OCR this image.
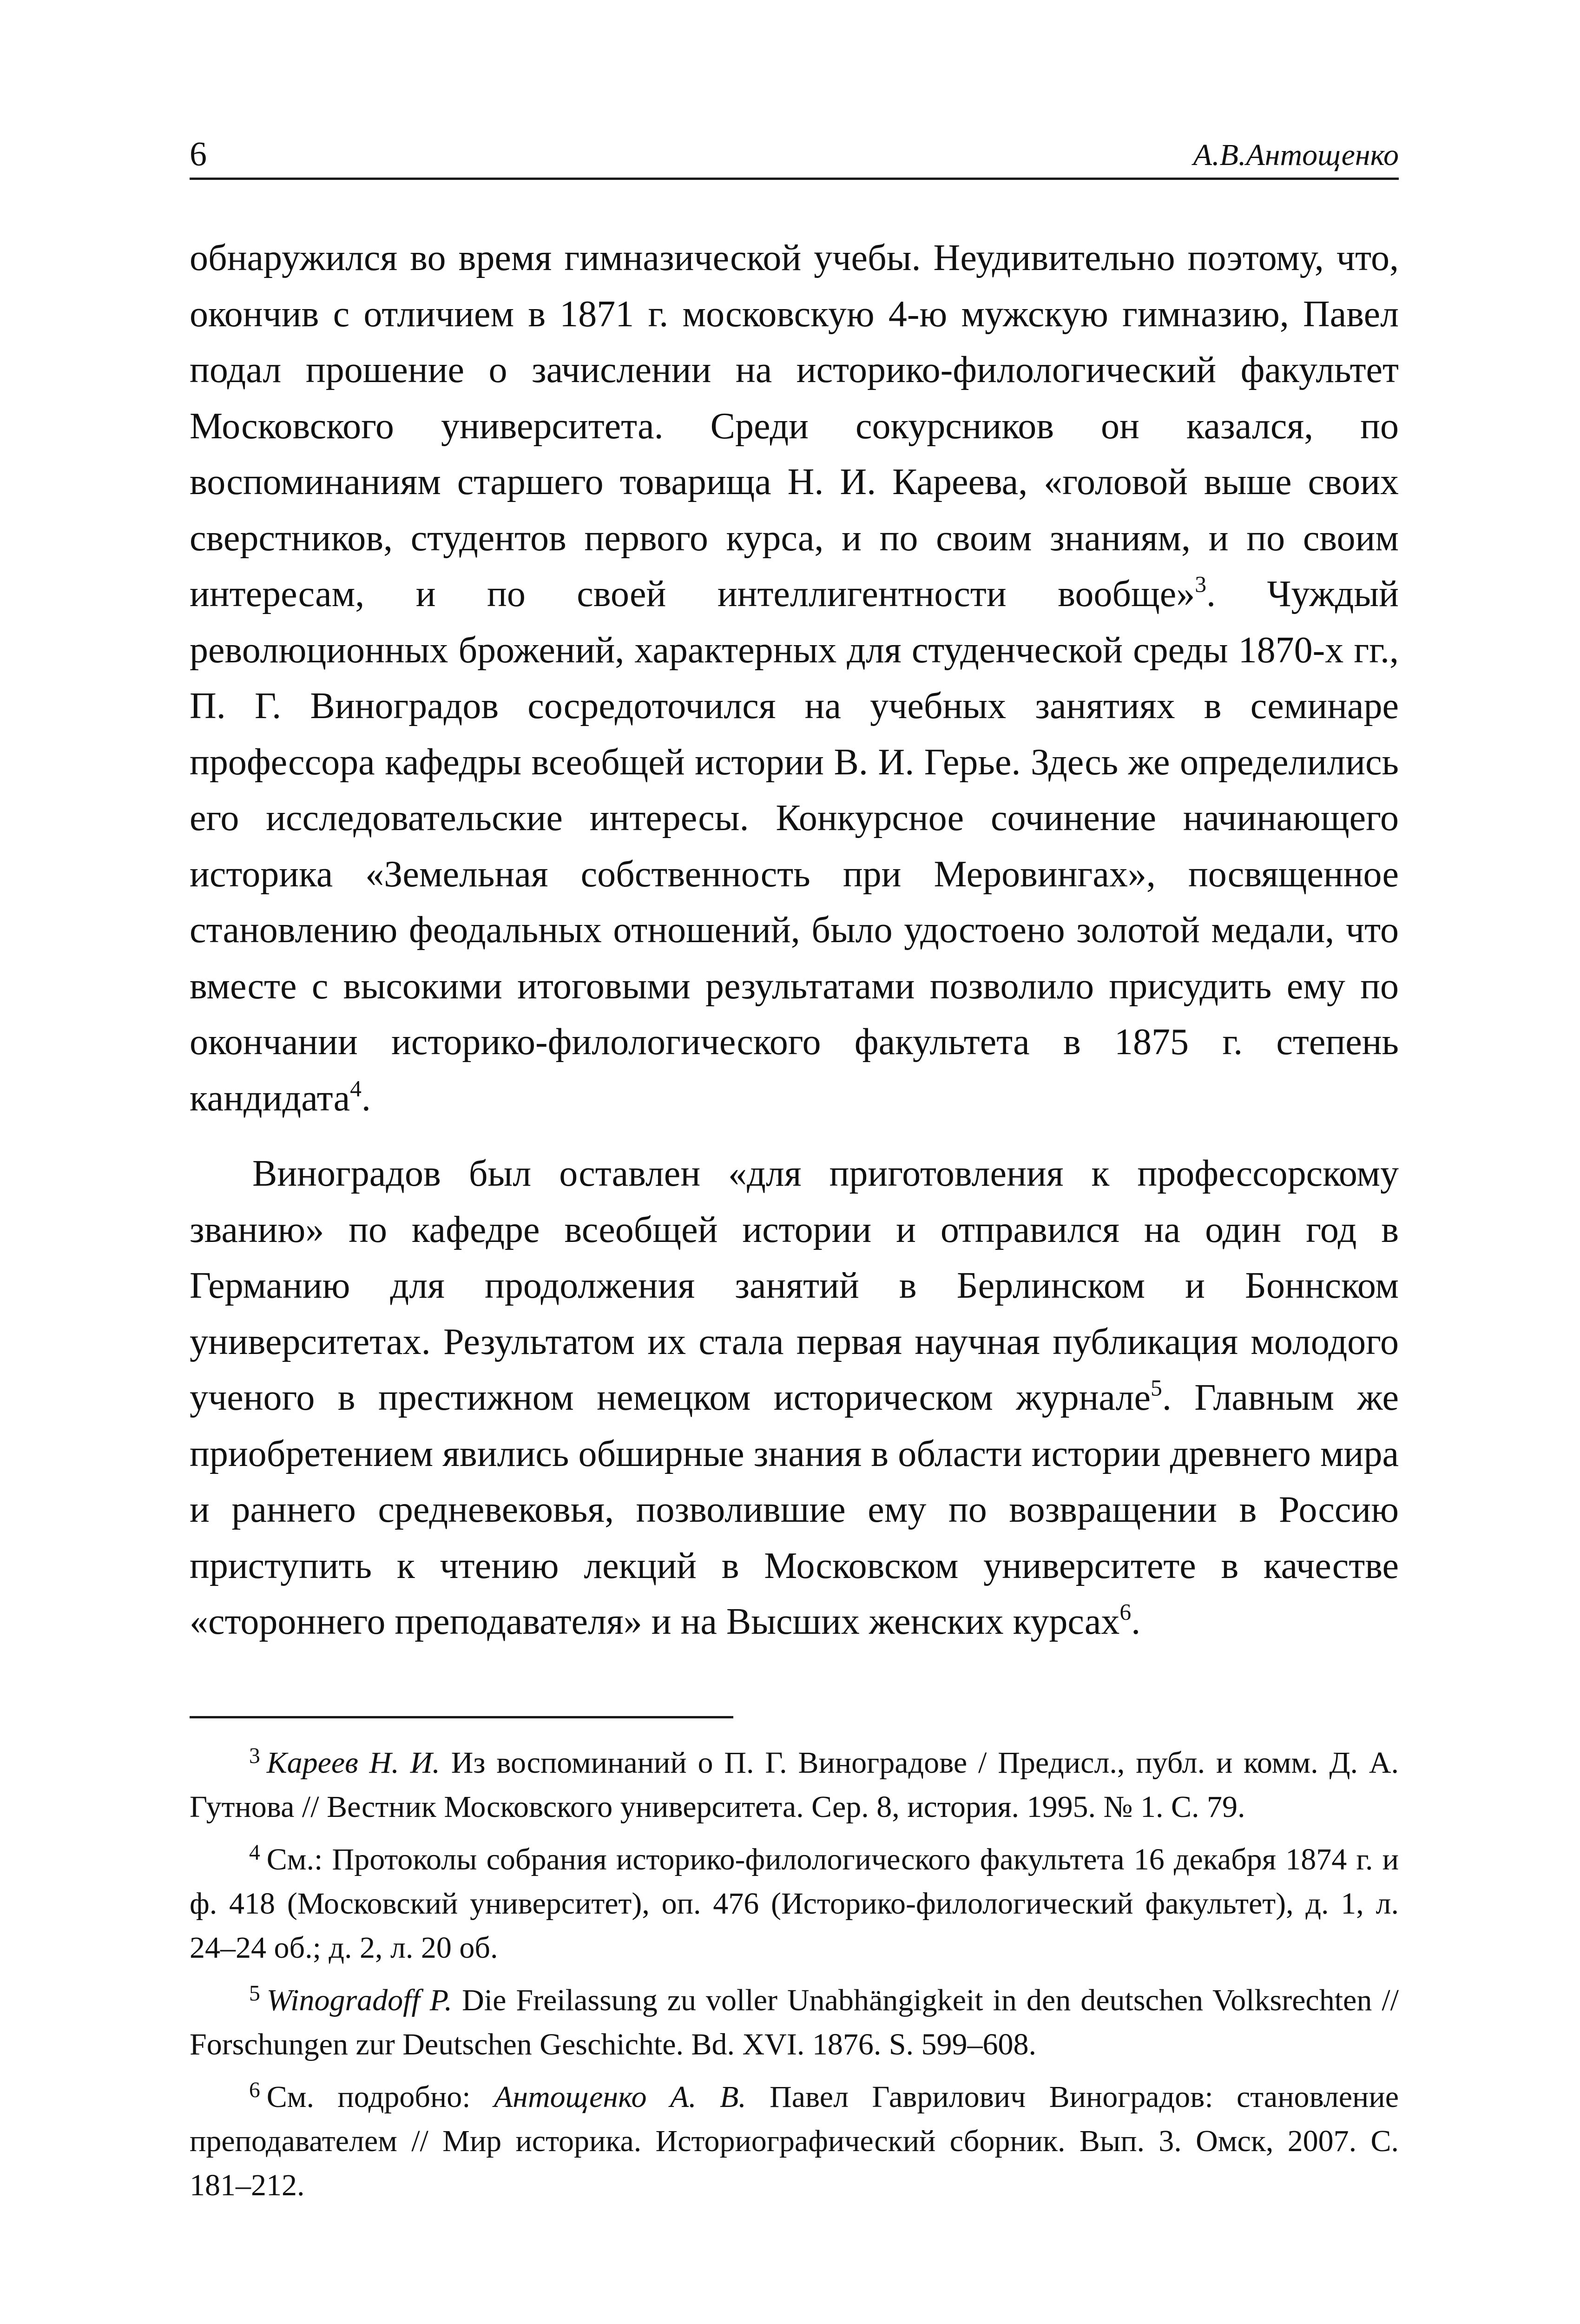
6	А.В.Антощенко

обнаружился во время гимназической учебы. Неудивительно поэтому, что, окончив с отличием в 1871 г. московскую 4-ю мужскую гимназию, Павел подал прошение о зачислении на историко-филологический факультет Московского университета. Среди сокурсников он казался, по воспоминаниям старшего товарища Н. И. Кареева, «головой выше своих сверстников, студентов первого курса, и по своим знаниям, и по своим интересам, и по своей интеллигентности вообще»$^3$. Чуждый революционных брожений, характерных для студенческой среды 1870-х гг., П. Г. Виноградов сосредоточился на учебных занятиях в семинаре профессора кафедры всеобщей истории В. И. Герье. Здесь же определились его исследовательские интересы. Конкурсное сочинение начинающего историка «Земельная собственность при Меровингах», посвященное становлению феодальных отношений, было удостоено золотой медали, что вместе с высокими итоговыми результатами позволило присудить ему по окончании историко-филологического факультета в 1875 г. степень кандидата$^4$.

Виноградов был оставлен «для приготовления к профессорскому званию» по кафедре всеобщей истории и отправился на один год в Германию для продолжения занятий в Берлинском и Боннском университетах. Результатом их стала первая научная публикация молодого ученого в престижном немецком историческом журнале$^5$. Главным же приобретением явились обширные знания в области истории древнего мира и раннего средневековья, позволившие ему по возвращении в Россию приступить к чтению лекций в Московском университете в качестве «стороннего преподавателя» и на Высших женских курсах$^6$.

$^3$ Кареев Н. И. Из воспоминаний о П. Г. Виноградове / Предисл., публ. и комм. Д. А. Гутнова // Вестник Московского университета. Сер. 8, история. 1995. № 1. С. 79.

$^4$ См.: Протоколы собрания историко-филологического факультета 16 декабря 1874 г. и ф. 418 (Московский университет), оп. 476 (Историко-филологический факультет), д. 1, л. 24–24 об.; д. 2, л. 20 об.

$^5$ Winogradoff P. Die Freilassung zu voller Unabhängigkeit in den deutschen Volksrechten // Forschungen zur Deutschen Geschichte. Bd. XVI. 1876. S. 599–608.

$^6$ См. подробно: Антощенко А. В. Павел Гаврилович Виноградов: становление преподавателем // Мир историка. Историографический сборник. Вып. 3. Омск, 2007. С. 181–212.
